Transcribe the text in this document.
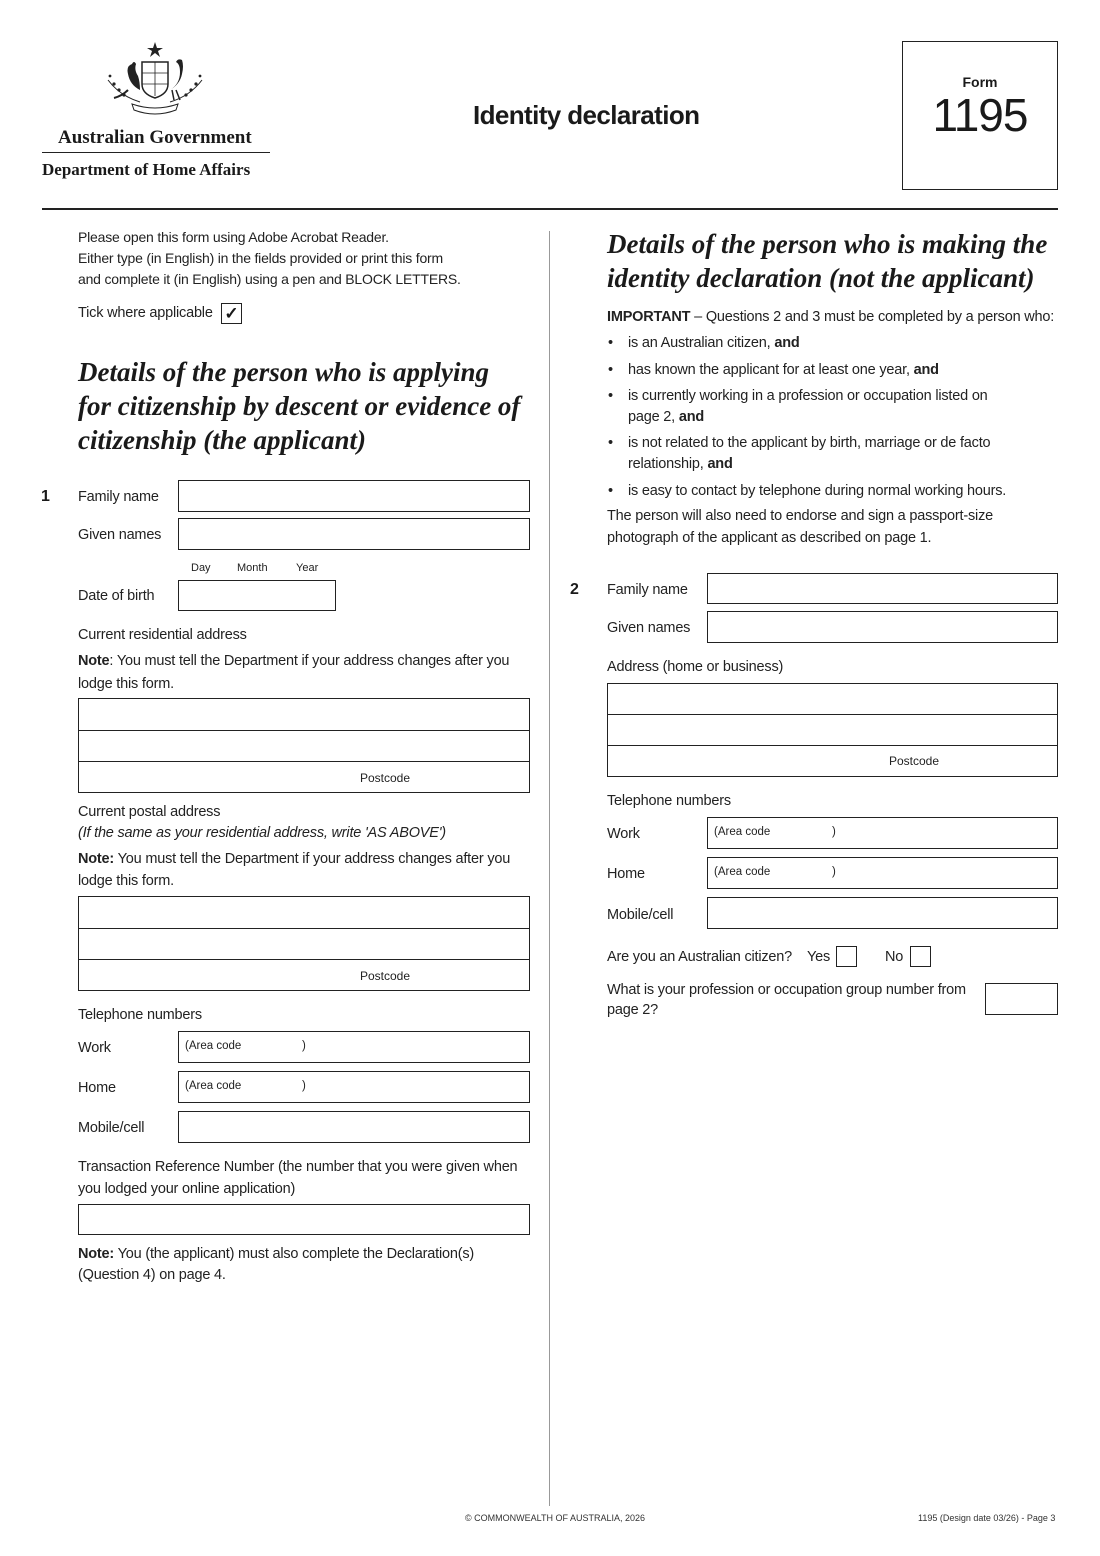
Australian Government
Department of Home Affairs
Identity declaration
Form
1195
Please open this form using Adobe Acrobat Reader.
Either type (in English) in the fields provided or print this form
and complete it (in English) using a pen and BLOCK LETTERS.
Tick where applicable ✓
Details of the person who is applying
for citizenship by descent or evidence of
citizenship (the applicant)
1 Family name
Given names
Day Month	Year
Date of birth
Current residential address
Note: You must tell the Department if your address changes after you
lodge this form.
Postcode
Current postal address
(If the same as your residential address, write 'AS ABOVE')
Note: You must tell the Department if your address changes after you
lodge this form.
Postcode
Telephone numbers
Work	(Area code	)
Home	(Area code	)
Mobile/cell
Transaction Reference Number (the number that you were given when
you lodged your online application)
Note: You (the applicant) must also complete the Declaration(s)
(Question 4) on page 4.
Details of the person who is making the
identity declaration (not the applicant)
IMPORTANT – Questions 2 and 3 must be completed by a person who:
• is an Australian citizen, and
• has known the applicant for at least one year, and
• is currently working in a profession or occupation listed on
page 2, and
• is not related to the applicant by birth, marriage or de facto
relationship, and
• is easy to contact by telephone during normal working hours.
The person will also need to endorse and sign a passport-size
photograph of the applicant as described on page 1.
2 Family name
Given names
Address (home or business)
Postcode
Telephone numbers
Work	(Area code	)
Home	(Area code	)
Mobile/cell
Are you an Australian citizen? Yes	No
What is your profession or occupation group number from
page 2?
© COMMONWEALTH OF AUSTRALIA, 2026	1195 (Design date 03/26) - Page 3
